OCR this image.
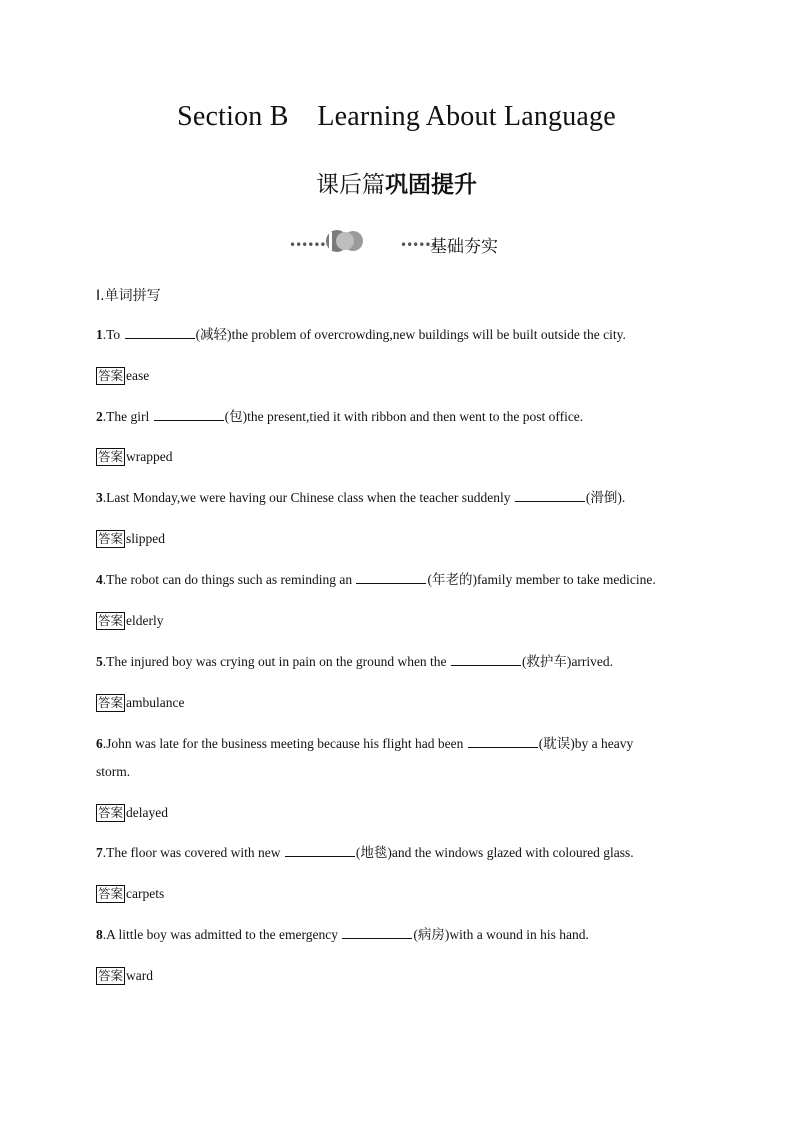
Section B    Learning About Language
课后篇巩固提升
••••••	••••••
基础夯实
Ⅰ.单词拼写
1.To	(减轻)the problem of overcrowding,new buildings will be built outside the city.
答案 ease
2.The girl	(包)the present,tied it with ribbon and then went to the post office.
答案 wrapped
3.Last Monday,we were having our Chinese class when the teacher suddenly	(滑倒).
答案 slipped
4.The robot can do things such as reminding an	(年老的)family member to take medicine.
答案 elderly
5.The injured boy was crying out in pain on the ground when the	(救护车)arrived.
答案 ambulance
6.John was late for the business meeting because his flight had been	(耽误)by a heavy
storm.
答案 delayed
7.The floor was covered with new	(地毯)and the windows glazed with coloured glass.
答案 carpets
8.A little boy was admitted to the emergency	(病房)with a wound in his hand.
答案 ward
